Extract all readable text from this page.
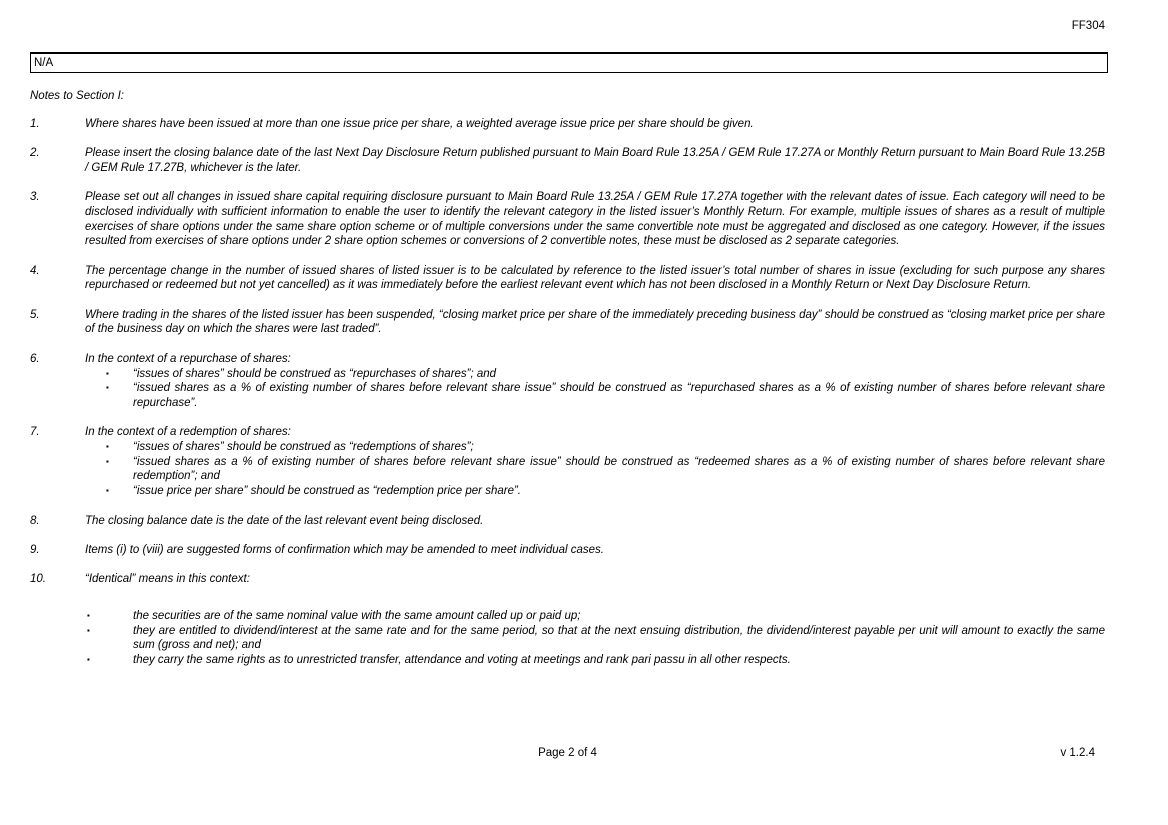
FF304
N/A
Notes to Section I:
1.	Where shares have been issued at more than one issue price per share, a weighted average issue price per share should be given.
2.	Please insert the closing balance date of the last Next Day Disclosure Return published pursuant to Main Board Rule 13.25A / GEM Rule 17.27A or Monthly Return pursuant to Main Board Rule 13.25B / GEM Rule 17.27B, whichever is the later.
3.	Please set out all changes in issued share capital requiring disclosure pursuant to Main Board Rule 13.25A / GEM Rule 17.27A together with the relevant dates of issue. Each category will need to be disclosed individually with sufficient information to enable the user to identify the relevant category in the listed issuer’s Monthly Return. For example, multiple issues of shares as a result of multiple exercises of share options under the same share option scheme or of multiple conversions under the same convertible note must be aggregated and disclosed as one category. However, if the issues resulted from exercises of share options under 2 share option schemes or conversions of 2 convertible notes, these must be disclosed as 2 separate categories.
4.	The percentage change in the number of issued shares of listed issuer is to be calculated by reference to the listed issuer’s total number of shares in issue (excluding for such purpose any shares repurchased or redeemed but not yet cancelled) as it was immediately before the earliest relevant event which has not been disclosed in a Monthly Return or Next Day Disclosure Return.
5.	Where trading in the shares of the listed issuer has been suspended, “closing market price per share of the immediately preceding business day” should be construed as “closing market price per share of the business day on which the shares were last traded”.
6.	In the context of a repurchase of shares:
▪	“issues of shares” should be construed as “repurchases of shares”; and
▪	“issued shares as a % of existing number of shares before relevant share issue” should be construed as “repurchased shares as a % of existing number of shares before relevant share repurchase”.
7.	In the context of a redemption of shares:
▪	“issues of shares” should be construed as “redemptions of shares”;
▪	“issued shares as a % of existing number of shares before relevant share issue” should be construed as “redeemed shares as a % of existing number of shares before relevant share redemption”; and
▪	“issue price per share” should be construed as “redemption price per share”.
8.	The closing balance date is the date of the last relevant event being disclosed.
9.	Items (i) to (viii) are suggested forms of confirmation which may be amended to meet individual cases.
10.	“Identical” means in this context:
▪	the securities are of the same nominal value with the same amount called up or paid up;
▪	they are entitled to dividend/interest at the same rate and for the same period, so that at the next ensuing distribution, the dividend/interest payable per unit will amount to exactly the same sum (gross and net); and
▪	they carry the same rights as to unrestricted transfer, attendance and voting at meetings and rank pari passu in all other respects.
Page 2 of 4	v 1.2.4
